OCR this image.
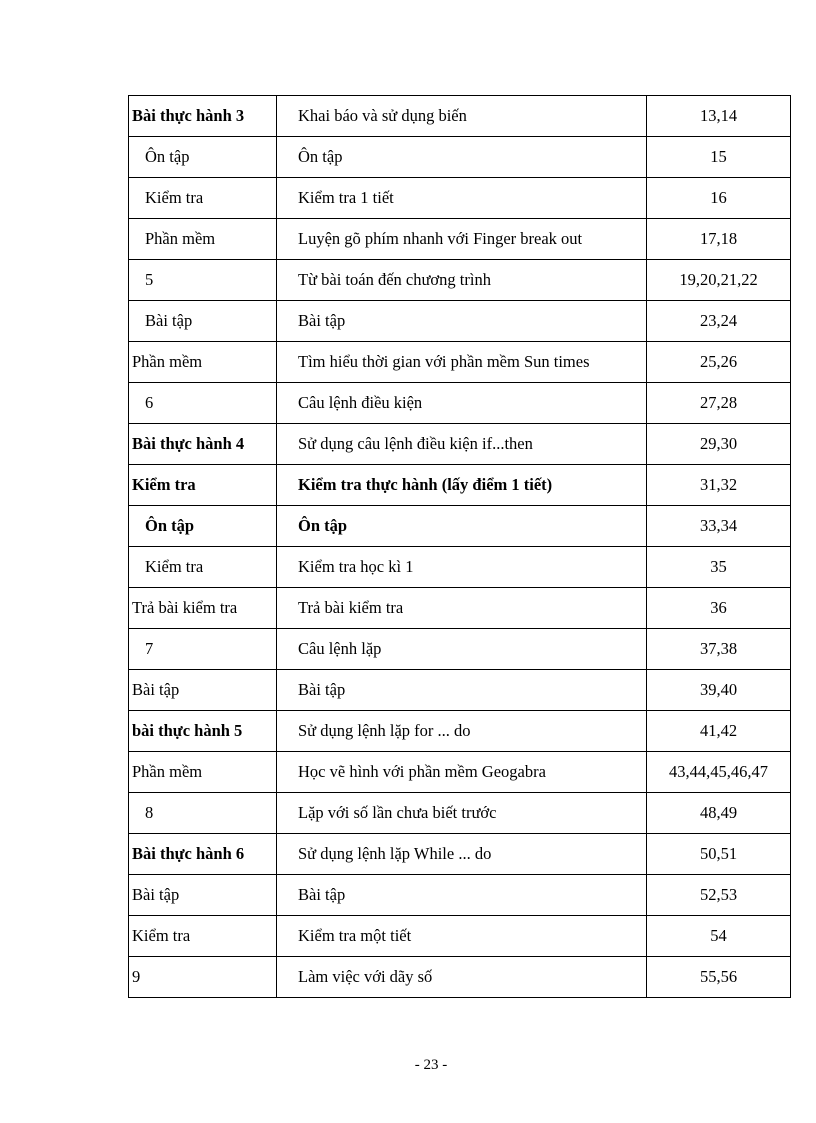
Bài thực hành 3	Khai báo và sử dụng biến	13,14
Ôn tập	Ôn tập	15
Kiểm tra	Kiểm tra 1 tiết	16
Phần mềm	Luyện gõ phím nhanh với Finger break out	17,18
5	Từ bài toán đến chương trình	19,20,21,22
Bài tập	Bài tập	23,24
Phần mềm	Tìm hiểu thời gian với phần mềm Sun times	25,26
6	Câu lệnh điều kiện	27,28
Bài thực hành 4	Sử dụng câu lệnh điều kiện if...then	29,30
Kiểm tra	Kiểm tra thực hành (lấy điểm 1 tiết)	31,32
Ôn tập	Ôn tập	33,34
Kiểm tra	Kiểm tra học kì 1	35
Trả bài kiểm tra	Trả bài kiểm tra	36
7	Câu lệnh lặp	37,38
Bài tập	Bài tập	39,40
bài thực hành 5	Sử dụng lệnh lặp for ... do	41,42
Phần mềm	Học vẽ hình với phần mềm Geogabra	43,44,45,46,47
8	Lặp với số lần chưa biết trước	48,49
Bài thực hành 6	Sử dụng lệnh lặp While ... do	50,51
Bài tập	Bài tập	52,53
Kiểm tra	Kiểm tra một tiết	54
9	Làm việc với dãy số	55,56
- 23 -
